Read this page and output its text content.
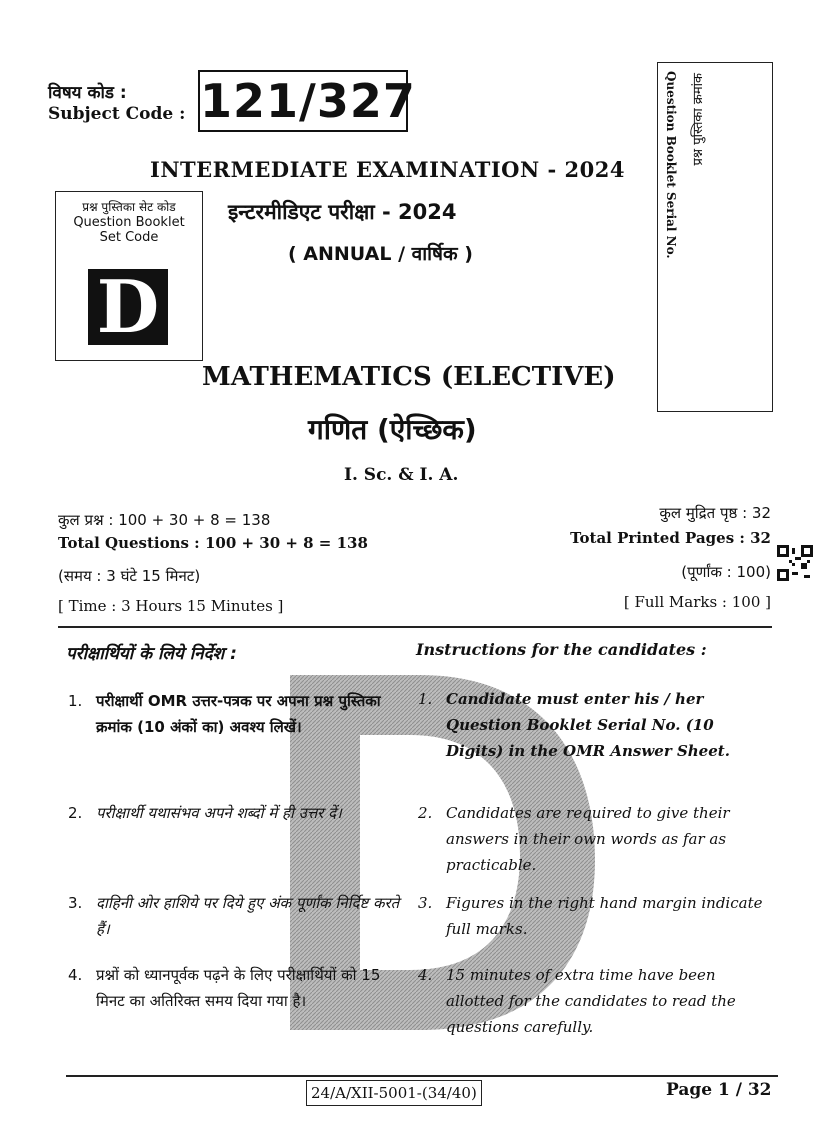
विषय कोड :
Subject Code : 121/327
INTERMEDIATE EXAMINATION - 2024
इन्टरमीडिएट परीक्षा - 2024
( ANNUAL / वार्षिक )
प्रश्न पुस्तिका सेट कोड
Question Booklet
Set Code
D
Question Booklet Serial No. प्रश्न पुस्तिका क्रमांक
MATHEMATICS (ELECTIVE)
गणित (ऐच्छिक)
I. Sc. & I. A.
कुल प्रश्न : 100 + 30 + 8 = 138
Total Questions : 100 + 30 + 8 = 138
(समय : 3 घंटे 15 मिनट)
[ Time : 3 Hours 15 Minutes ]
कुल मुद्रित पृष्ठ : 32
Total Printed Pages : 32
(पूर्णांक : 100)
[ Full Marks : 100 ]
परीक्षार्थियों के लिये निर्देश :	Instructions for the candidates :
1. परीक्षार्थी OMR उत्तर-पत्रक पर अपना प्रश्न पुस्तिका क्रमांक (10 अंकों का) अवश्य लिखें।
1. Candidate must enter his / her Question Booklet Serial No. (10 Digits) in the OMR Answer Sheet.
2. परीक्षार्थी यथासंभव अपने शब्दों में ही उत्तर दें।	2. Candidates are required to give their answers in their own words as far as practicable.
3. दाहिनी ओर हाशिये पर दिये हुए अंक पूर्णांक निर्दिष्ट करते हैं।
3. Figures in the right hand margin indicate full marks.
4. प्रश्नों को ध्यानपूर्वक पढ़ने के लिए परीक्षार्थियों को 15 मिनट का अतिरिक्त समय दिया गया है।
4. 15 minutes of extra time have been allotted for the candidates to read the questions carefully.
24/A/XII-5001-(34/40)	Page 1 / 32
